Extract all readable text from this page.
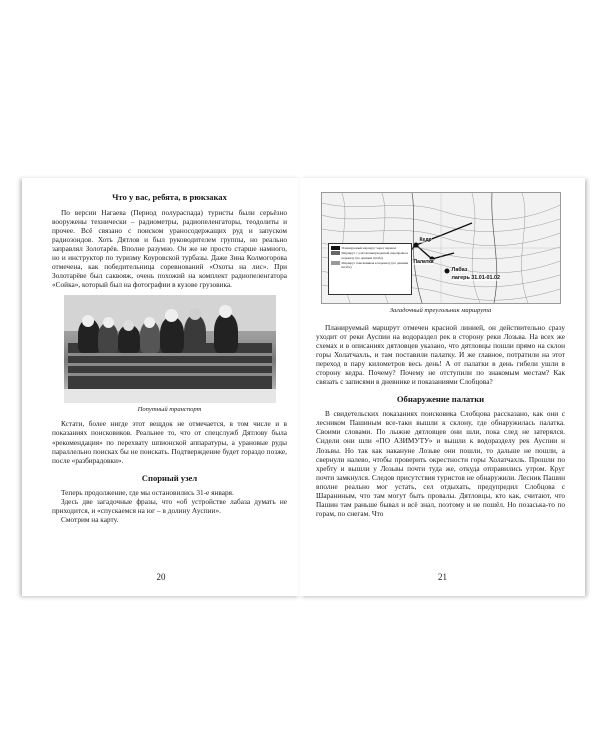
Что у вас, ребята, в рюкзаках

По версии Нагаева (Период полураспада) туристы были серьёзно вооружены технически – радиометры, радиопеленгаторы, теодолиты и прочее. Всё связано с поиском ураносодержащих руд и запуском радиозондов. Хоть Дятлов и был руководителем группы, но реально заправлял Золотарёв. Вполне разумно. Он же не просто старше намного, но и инструктор по туризму Коуровской турбазы. Даже Зина Колмогорова отмечена, как победительница соревнований «Охоты на лис». При Золотарёве был саквояж, очень похожий на комплект радиопеленгатора «Сойка», который был на фотографии в кузове грузовика.

Попутный транспорт

Кстати, более нигде этот вещдок не отмечается, в том числе и в показаниях поисковиков. Реальнее то, что от спецслужб Дятлову была «рекомендация» по перехвату шпионской аппаратуры, а урановые руды параллельно поисках бы не поискать. Подтверждение будет гораздо позже, после «разбирадовки».

Спорный узел

Теперь продолжение, где мы остановились 31-е января.

Здесь две загадочные фразы, что «об устройстве лабаза думать не приходится, и «спускаемся на юг – в долину Ауспии».

Смотрим на карту.

20
Планируемый маршрут через перевал
Маршрут с учетом вынужденной переправы к перевалу (по данным штаба)
Маршрут поисковиков к перевалу (по данным штаба)
Кедр
Палатка
Лабаз
лагерь 31.01-01.02
Загадочный треугольник маршрута

Планируемый маршрут отмечен красной линией, он действительно сразу уходит от реки Ауспии на водораздел рек в сторону реки Лозьва. На всех же схемах и в описаниях дятловцев указано, что дятловцы пошли прямо на склон горы Холатчахль, и там поставили палатку. И же главное, потратили на этот переход в пару километров весь день! А от палатки в день гибели ушли в сторону кедра. Почему? Почему не отступили по знакомым местам? Как связать с записями в дневнике и показаниями Слобцова?

Обнаружение палатки

В свидетельских показаниях поисковика Слобцова рассказано, как они с лесником Пашиным все-таки вышли к склону, где обнаружилась палатка. Своими словами. По лыжне дятловцев они шли, пока след не затерялся. Сидели они шли «ПО АЗИМУТУ» и вышли к водоразделу рек Ауспии и Лозьвы. Но так как накануне Лозьве они пошли, то дальше не пошли, а свернули налево, чтобы проверить окрестности горы Холатчахль. Прошли по хребту и вышли у Лозьвы почти туда же, откуда отправились утром. Круг почти замкнулся. Следов присутствия туристов не обнаружили. Лесник Пашин вполне реально мог устать, сел отдыхать, предупредил Слобцова с Шараниным, что там могут быть провалы. Дятловцы, кто как, считают, что Пашин там раньше бывал и всё знал, поэтому и не пошёл. Но позаська-то по горам, по снегам. Что

21
